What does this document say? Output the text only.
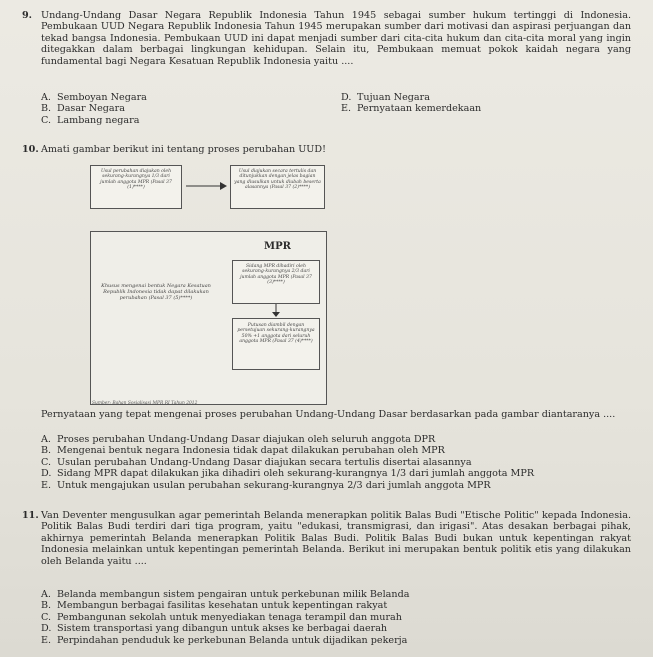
9. Undang-Undang Dasar Negara Republik Indonesia Tahun 1945 sebagai sumber hukum tertinggi di Indonesia. Pembukaan UUD Negara Republik Indonesia Tahun 1945 merupakan sumber dari motivasi dan aspirasi perjuangan dan tekad bangsa Indonesia. Pembukaan UUD ini dapat menjadi sumber dari cita-cita hukum dan cita-cita moral yang ingin ditegakkan dalam berbagai lingkungan kehidupan. Selain itu, Pembukaan memuat pokok kaidah negara yang fundamental bagi Negara Kesatuan Republik Indonesia yaitu ....

A. Semboyan Negara	D. Tujuan Negara
B. Dasar Negara	E. Pernyataan kemerdekaan
C. Lambang negara
10. Amati gambar berikut ini tentang proses perubahan UUD!
Usul perubahan diajukan oleh sekurang-kurangnya 1/3 dari jumlah anggota MPR (Pasal 37 (1)****)
Usul diajukan secara tertulis dan ditunjukkan dengan jelas bagian yang diusulkan untuk diubah beserta alasannya (Pasal 37 (2)****)
MPR
Sidang MPR dihadiri oleh sekurang-kurangnya 2/3 dari jumlah anggota MPR (Pasal 37 (3)****)
Putusan diambil dengan persetujuan sekurang-kurangnya 50% +1 anggota dari seluruh anggota MPR (Pasal 37 (4)****)
Khusus mengenai bentuk Negara Kesatuan Republik Indonesia tidak dapat dilakukan perubahan (Pasal 37 (5)****)
Sumber: Bahan Sosialisasi MPR RI Tahun 2012
Pernyataan yang tepat mengenai proses perubahan Undang-Undang Dasar berdasarkan pada gambar diantaranya ....
A. Proses perubahan Undang-Undang Dasar diajukan oleh seluruh anggota DPR
B. Mengenai bentuk negara Indonesia tidak dapat dilakukan perubahan oleh MPR
C. Usulan perubahan Undang-Undang Dasar diajukan secara tertulis disertai alasannya
D. Sidang MPR dapat dilakukan jika dihadiri oleh sekurang-kurangnya 1/3 dari jumlah anggota MPR
E. Untuk mengajukan usulan perubahan sekurang-kurangnya 2/3 dari jumlah anggota MPR
11. Van Deventer mengusulkan agar pemerintah Belanda menerapkan politik Balas Budi "Etische Politic" kepada Indonesia. Politik Balas Budi terdiri dari tiga program, yaitu "edukasi, transmigrasi, dan irigasi". Atas desakan berbagai pihak, akhirnya pemerintah Belanda menerapkan Politik Balas Budi. Politik Balas Budi bukan untuk kepentingan rakyat Indonesia melainkan untuk kepentingan pemerintah Belanda. Berikut ini merupakan bentuk politik etis yang dilakukan oleh Belanda yaitu ....

A. Belanda membangun sistem pengairan untuk perkebunan milik Belanda
B. Membangun berbagai fasilitas kesehatan untuk kepentingan rakyat
C. Pembangunan sekolah untuk menyediakan tenaga terampil dan murah
D. Sistem transportasi yang dibangun untuk akses ke berbagai daerah
E. Perpindahan penduduk ke perkebunan Belanda untuk dijadikan pekerja
